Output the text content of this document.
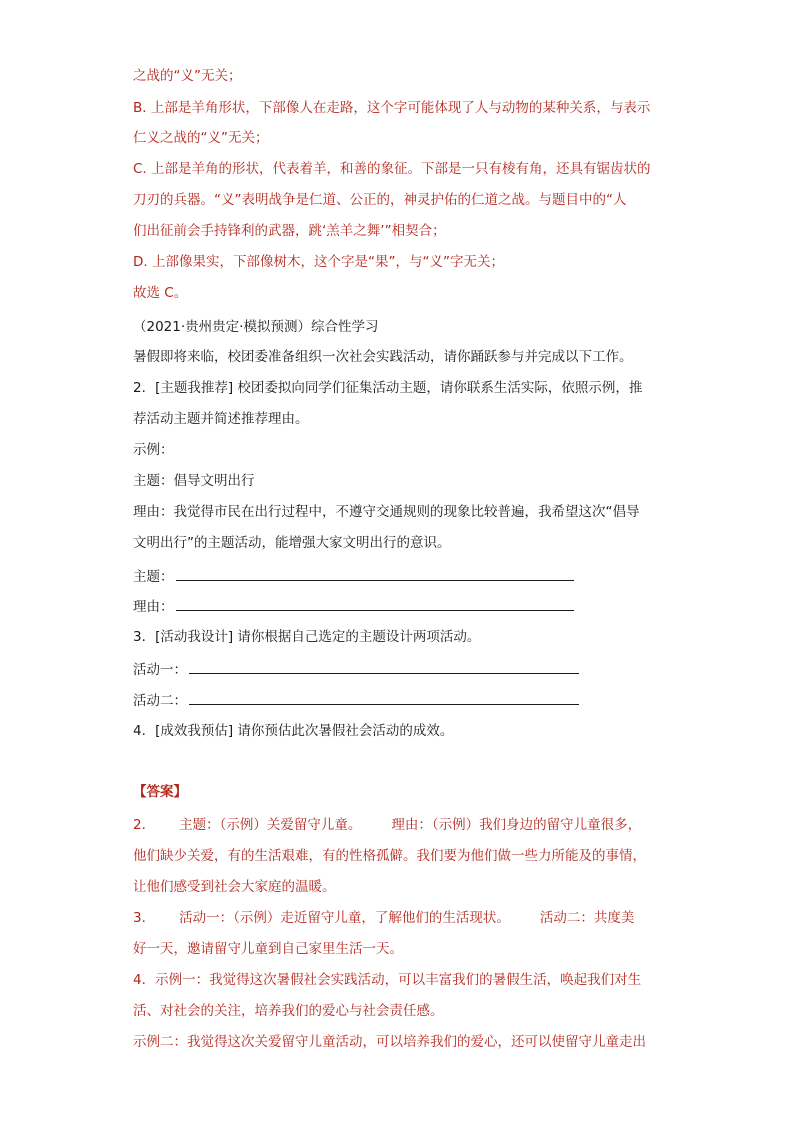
之战的“义”无关；
B. 上部是羊角形状，下部像人在走路，这个字可能体现了人与动物的某种关系，与表示
仁义之战的“义”无关；
C. 上部是羊角的形状，代表着羊，和善的象征。下部是一只有棱有角，还具有锯齿状的
刀刃的兵器。“义”表明战争是仁道、公正的，神灵护佑的仁道之战。与题目中的“人
们出征前会手持锋利的武器，跳‘羔羊之舞’”相契合；
D. 上部像果实，下部像树木，这个字是“果”，与“义”字无关；
故选 C。
（2021·贵州贵定·模拟预测）综合性学习
暑假即将来临，校团委准备组织一次社会实践活动，请你踊跃参与并完成以下工作。
2．[主题我推荐] 校团委拟向同学们征集活动主题，请你联系生活实际，依照示例，推
荐活动主题并简述推荐理由。
示例：
主题：倡导文明出行
理由：我觉得市民在出行过程中，不遵守交通规则的现象比较普遍，我希望这次“倡导
文明出行”的主题活动，能增强大家文明出行的意识。
主题：
理由：
3．[活动我设计] 请你根据自己选定的主题设计两项活动。
活动一：
活动二：
4．[成效我预估] 请你预估此次暑假社会活动的成效。
【答案】
2． 主题：（示例）关爱留守儿童。 理由：（示例）我们身边的留守儿童很多，
他们缺少关爱，有的生活艰难，有的性格孤僻。我们要为他们做一些力所能及的事情，
让他们感受到社会大家庭的温暖。
3． 活动一：（示例）走近留守儿童，了解他们的生活现状。 活动二：共度美
好一天，邀请留守儿童到自己家里生活一天。
4．示例一：我觉得这次暑假社会实践活动，可以丰富我们的暑假生活，唤起我们对生
活、对社会的关注，培养我们的爱心与社会责任感。
示例二：我觉得这次关爱留守儿童活动，可以培养我们的爱心，还可以使留守儿童走出
